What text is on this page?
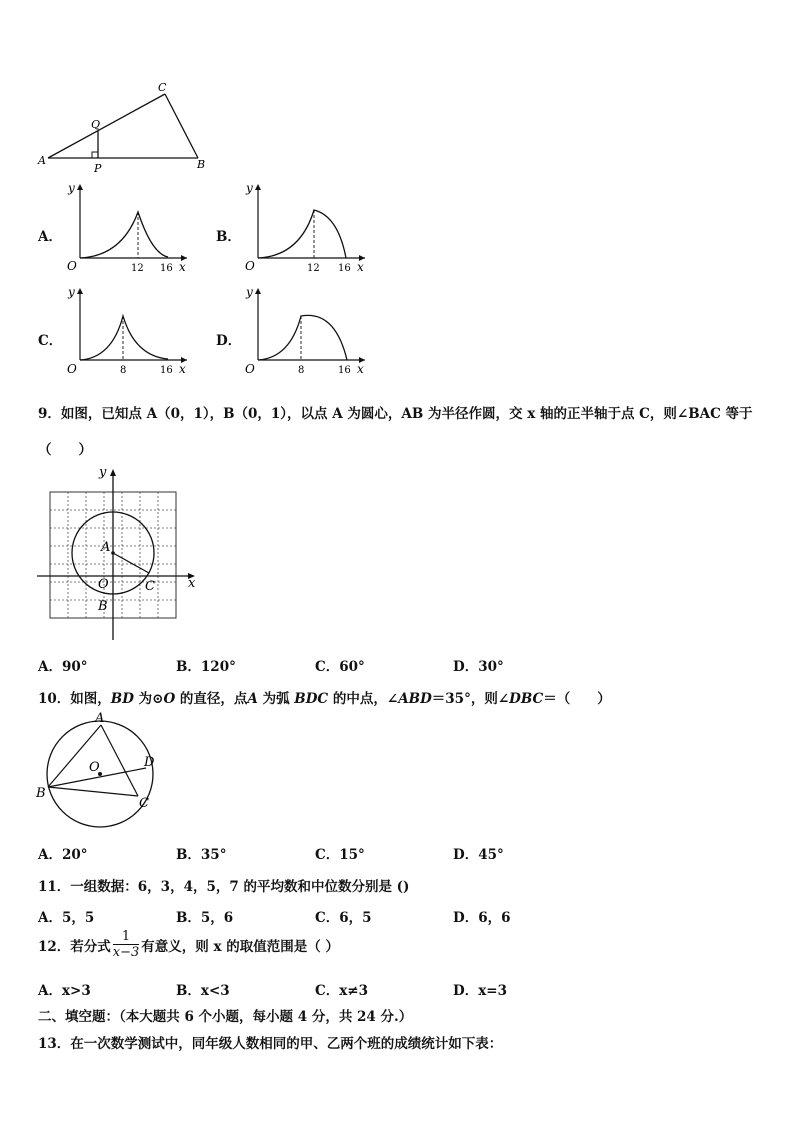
C
Q
A
P	B
A．
y
O	12 16 x
B．
y
O	12 16 x
C．
y
O	8	16 x
D．
y
O	8	16 x
9．如图，已知点 A（0，1），B（0，1），以点 A 为圆心，AB 为半径作圆，交 x 轴的正半轴于点 C，则∠BAC 等于
（　　）
y
x
A
O	C
B
A．90°	B．120°	C．60°	D．30°
10．如图，BD 为⊙O 的直径，点A 为弧 BDC 的中点，∠ABD＝35°，则∠DBC＝（　　）
A
O	D
B
C
A．20°	B．35°	C．15°	D．45°
11．一组数据：6，3，4，5，7 的平均数和中位数分别是 ()
A．5，5	B．5，6	C．6，5	D．6，6
12．若分式 $\frac{1}{x-3}$ 有意义，则 x 的取值范围是（ ）
A．x>3	B．x<3	C．x≠3	D．x=3
二、填空题：（本大题共 6 个小题，每小题 4 分，共 24 分.）
13．在一次数学测试中，同年级人数相同的甲、乙两个班的成绩统计如下表：
